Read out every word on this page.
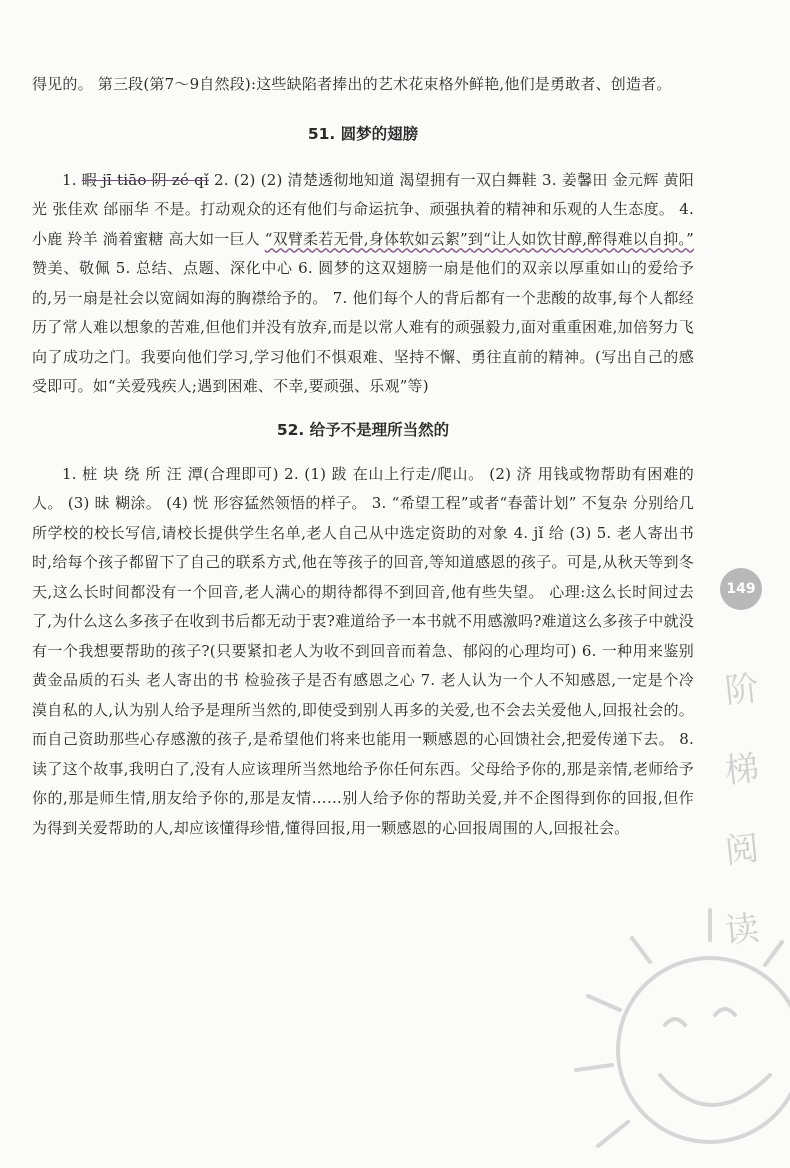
得见的。 第三段(第7～9自然段):这些缺陷者捧出的艺术花束格外鲜艳,他们是勇敢者、创造者。

51. 圆梦的翅膀

1. 暇 jī tiāo 阴 zé qǐ 2. (2) (2) 清楚透彻地知道 渴望拥有一双白舞鞋 3. 姜馨田 金元辉 黄阳光 张佳欢 邰丽华 不是。打动观众的还有他们与命运抗争、顽强执着的精神和乐观的人生态度。 4. 小鹿 羚羊 淌着蜜糖 高大如一巨人 “双臂柔若无骨,身体软如云絮”到“让人如饮甘醇,醉得难以自抑。” 赞美、敬佩 5. 总结、点题、深化中心 6. 圆梦的这双翅膀一扇是他们的双亲以厚重如山的爱给予的,另一扇是社会以宽阔如海的胸襟给予的。 7. 他们每个人的背后都有一个悲酸的故事,每个人都经历了常人难以想象的苦难,但他们并没有放弃,而是以常人难有的顽强毅力,面对重重困难,加倍努力飞向了成功之门。我要向他们学习,学习他们不惧艰难、坚持不懈、勇往直前的精神。(写出自己的感受即可。如“关爱残疾人;遇到困难、不幸,要顽强、乐观”等)

52. 给予不是理所当然的

1. 桩 块 绕 所 汪 潭(合理即可) 2. (1) 跋 在山上行走/爬山。 (2) 济 用钱或物帮助有困难的人。 (3) 昧 糊涂。 (4) 恍 形容猛然领悟的样子。 3. “希望工程”或者“春蕾计划” 不复杂 分别给几所学校的校长写信,请校长提供学生名单,老人自己从中选定资助的对象 4. jǐ 给 (3) 5. 老人寄出书时,给每个孩子都留下了自己的联系方式,他在等孩子的回音,等知道感恩的孩子。可是,从秋天等到冬天,这么长时间都没有一个回音,老人满心的期待都得不到回音,他有些失望。 心理:这么长时间过去了,为什么这么多孩子在收到书后都无动于衷?难道给予一本书就不用感激吗?难道这么多孩子中就没有一个我想要帮助的孩子?(只要紧扣老人为收不到回音而着急、郁闷的心理均可) 6. 一种用来鉴别黄金品质的石头 老人寄出的书 检验孩子是否有感恩之心 7. 老人认为一个人不知感恩,一定是个冷漠自私的人,认为别人给予是理所当然的,即使受到别人再多的关爱,也不会去关爱他人,回报社会的。而自己资助那些心存感激的孩子,是希望他们将来也能用一颗感恩的心回馈社会,把爱传递下去。 8. 读了这个故事,我明白了,没有人应该理所当然地给予你任何东西。父母给予你的,那是亲情,老师给予你的,那是师生情,朋友给予你的,那是友情……别人给予你的帮助关爱,并不企图得到你的回报,但作为得到关爱帮助的人,却应该懂得珍惜,懂得回报,用一颗感恩的心回报周围的人,回报社会。

149
阶
梯
阅
读
